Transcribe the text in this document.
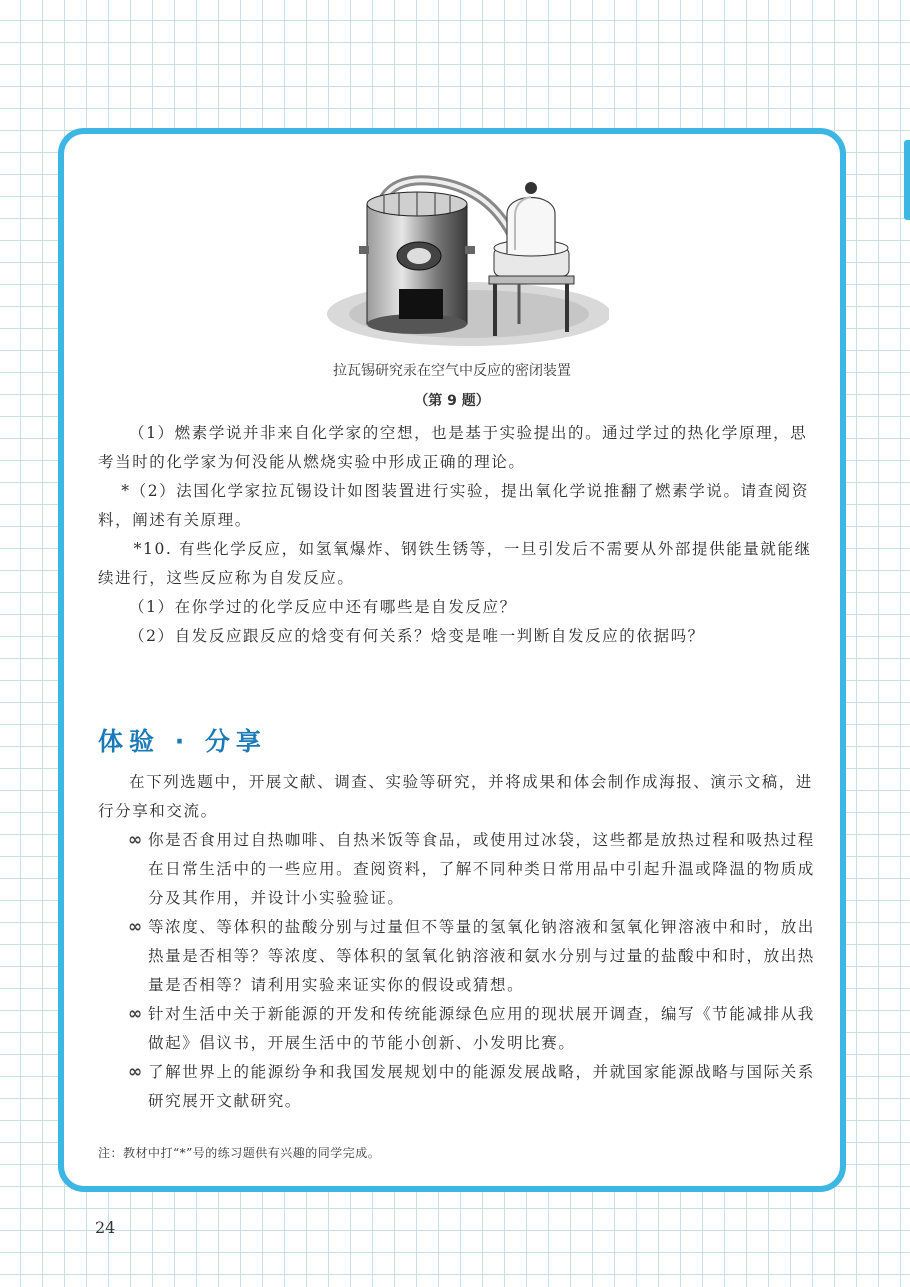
拉瓦锡研究汞在空气中反应的密闭装置
（第 9 题）

（1）燃素学说并非来自化学家的空想，也是基于实验提出的。通过学过的热化学原理，思考当时的化学家为何没能从燃烧实验中形成正确的理论。

*（2）法国化学家拉瓦锡设计如图装置进行实验，提出氧化学说推翻了燃素学说。请查阅资料，阐述有关原理。

*10. 有些化学反应，如氢氧爆炸、钢铁生锈等，一旦引发后不需要从外部提供能量就能继续进行，这些反应称为自发反应。

（1）在你学过的化学反应中还有哪些是自发反应？

（2）自发反应跟反应的焓变有何关系？焓变是唯一判断自发反应的依据吗？

体验 · 分享

在下列选题中，开展文献、调查、实验等研究，并将成果和体会制作成海报、演示文稿，进行分享和交流。

∞ 你是否食用过自热咖啡、自热米饭等食品，或使用过冰袋，这些都是放热过程和吸热过程在日常生活中的一些应用。查阅资料，了解不同种类日常用品中引起升温或降温的物质成分及其作用，并设计小实验验证。

∞ 等浓度、等体积的盐酸分别与过量但不等量的氢氧化钠溶液和氢氧化钾溶液中和时，放出热量是否相等？等浓度、等体积的氢氧化钠溶液和氨水分别与过量的盐酸中和时，放出热量是否相等？请利用实验来证实你的假设或猜想。

∞ 针对生活中关于新能源的开发和传统能源绿色应用的现状展开调查，编写《节能减排从我做起》倡议书，开展生活中的节能小创新、小发明比赛。

∞ 了解世界上的能源纷争和我国发展规划中的能源发展战略，并就国家能源战略与国际关系研究展开文献研究。

注：教材中打“*”号的练习题供有兴趣的同学完成。
24
